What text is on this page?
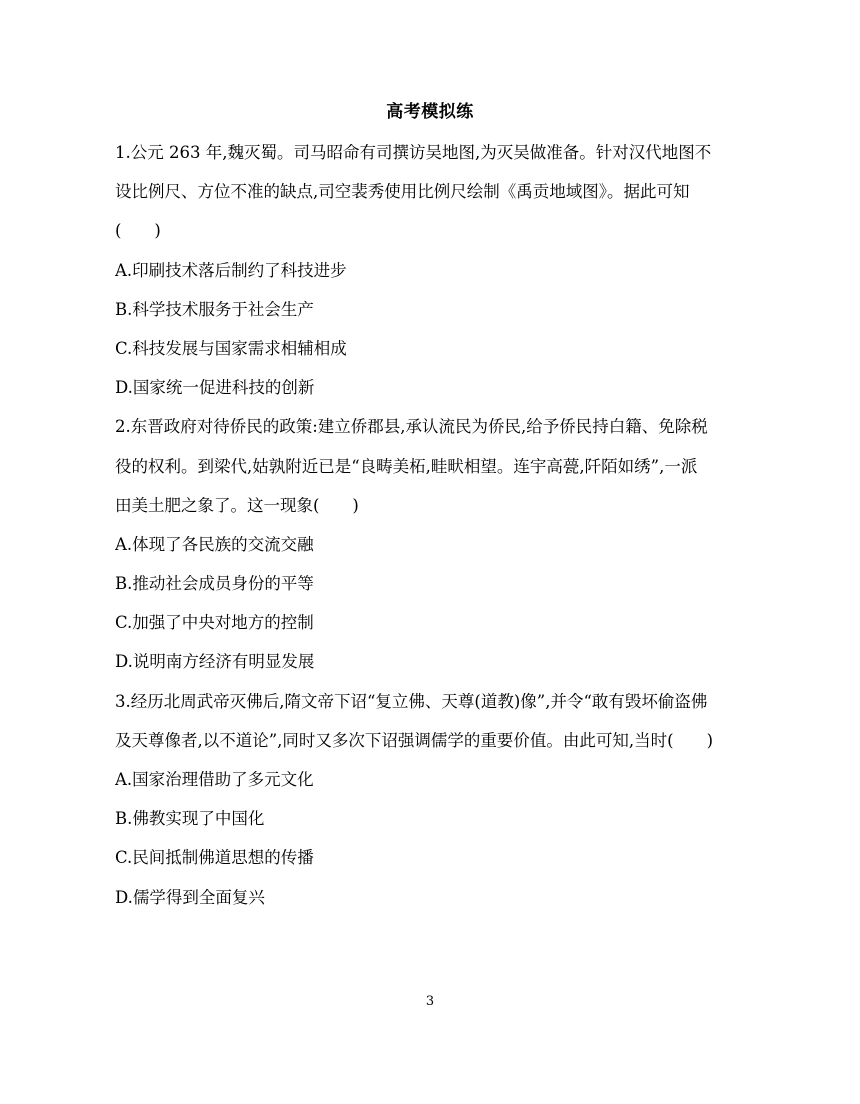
高考模拟练
1.公元 263 年,魏灭蜀。司马昭命有司撰访吴地图,为灭吴做准备。针对汉代地图不
设比例尺、方位不准的缺点,司空裴秀使用比例尺绘制《禹贡地域图》。据此可知
(　　)
A.印刷技术落后制约了科技进步
B.科学技术服务于社会生产
C.科技发展与国家需求相辅相成
D.国家统一促进科技的创新
2.东晋政府对待侨民的政策:建立侨郡县,承认流民为侨民,给予侨民持白籍、免除税
役的权利。到梁代,姑孰附近已是“良畴美柘,畦畎相望。连宇高甍,阡陌如绣”,一派
田美土肥之象了。这一现象(　　)
A.体现了各民族的交流交融
B.推动社会成员身份的平等
C.加强了中央对地方的控制
D.说明南方经济有明显发展
3.经历北周武帝灭佛后,隋文帝下诏“复立佛、天尊(道教)像”,并令“敢有毁坏偷盗佛
及天尊像者,以不道论”,同时又多次下诏强调儒学的重要价值。由此可知,当时(　　)
A.国家治理借助了多元文化
B.佛教实现了中国化
C.民间抵制佛道思想的传播
D.儒学得到全面复兴
3
